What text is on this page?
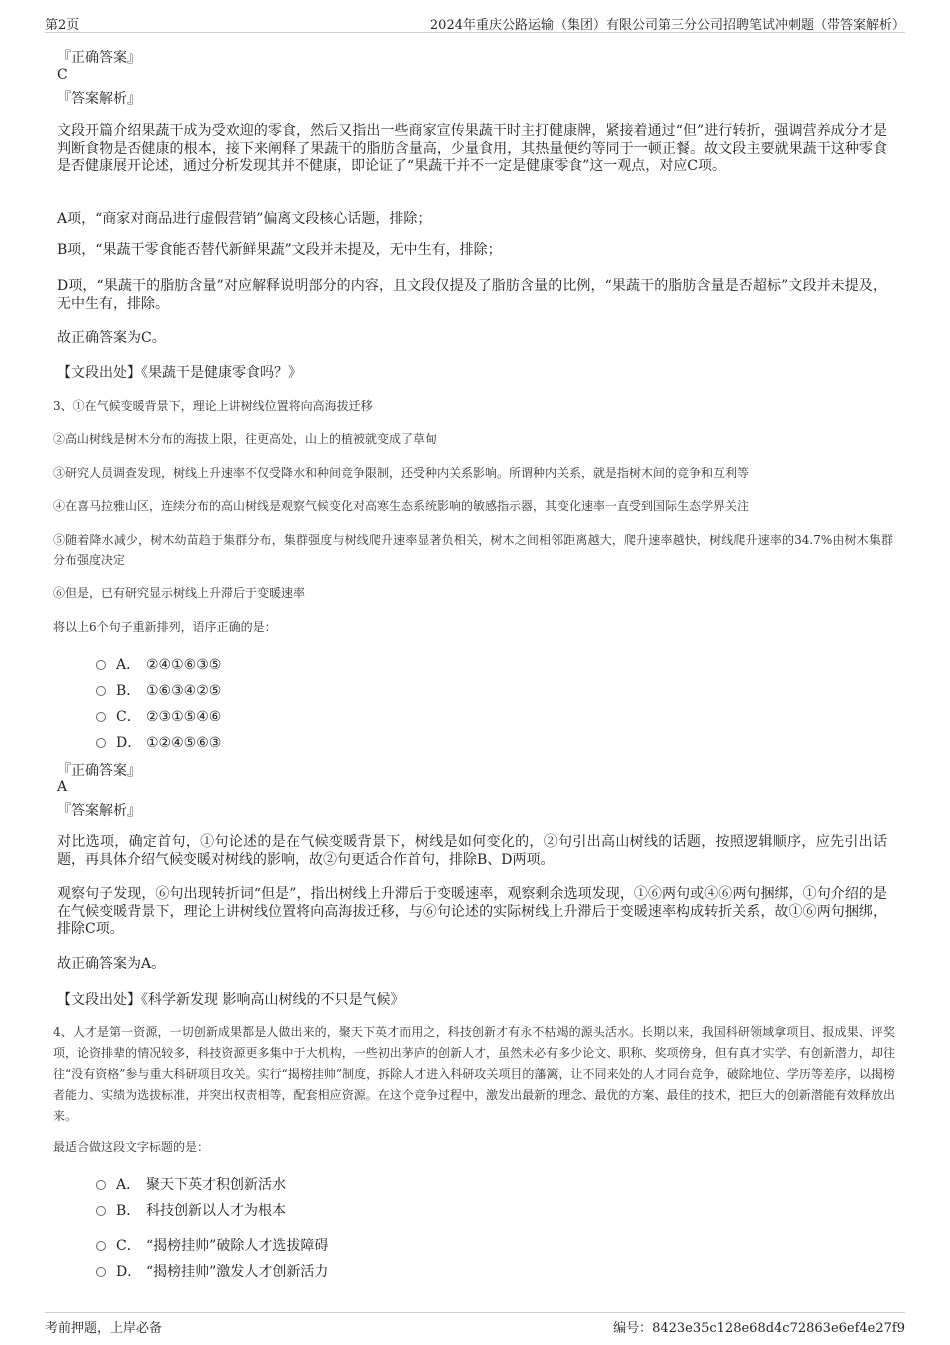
第2页	2024年重庆公路运输（集团）有限公司第三分公司招聘笔试冲刺题（带答案解析）
『正确答案』
C
『答案解析』
文段开篇介绍果蔬干成为受欢迎的零食，然后又指出一些商家宣传果蔬干时主打健康牌，紧接着通过“但”进行转折，强调营养成分才是判断食物是否健康的根本，接下来阐释了果蔬干的脂肪含量高，少量食用，其热量便约等同于一顿正餐。故文段主要就果蔬干这种零食是否健康展开论述，通过分析发现其并不健康，即论证了“果蔬干并不一定是健康零食”这一观点，对应C项。
A项，“商家对商品进行虚假营销”偏离文段核心话题，排除；
B项，“果蔬干零食能否替代新鲜果蔬”文段并未提及，无中生有，排除；
D项，“果蔬干的脂肪含量”对应解释说明部分的内容，且文段仅提及了脂肪含量的比例，“果蔬干的脂肪含量是否超标”文段并未提及，无中生有，排除。
故正确答案为C。
【文段出处】《果蔬干是健康零食吗？》
3、①在气候变暖背景下，理论上讲树线位置将向高海拔迁移
②高山树线是树木分布的海拔上限，往更高处，山上的植被就变成了草甸
③研究人员调查发现，树线上升速率不仅受降水和种间竞争限制，还受种内关系影响。所谓种内关系，就是指树木间的竞争和互利等
④在喜马拉雅山区，连续分布的高山树线是观察气候变化对高寒生态系统影响的敏感指示器，其变化速率一直受到国际生态学界关注
⑤随着降水减少，树木幼苗趋于集群分布，集群强度与树线爬升速率显著负相关，树木之间相邻距离越大，爬升速率越快，树线爬升速率的34.7%由树木集群分布强度决定
⑥但是，已有研究显示树线上升滞后于变暖速率
将以上6个句子重新排列，语序正确的是：
A． ②④①⑥③⑤
B． ①⑥③④②⑤
C． ②③①⑤④⑥
D． ①②④⑤⑥③
『正确答案』
A
『答案解析』
对比选项，确定首句，①句论述的是在气候变暖背景下，树线是如何变化的，②句引出高山树线的话题，按照逻辑顺序，应先引出话题，再具体介绍气候变暖对树线的影响，故②句更适合作首句，排除B、D两项。
观察句子发现，⑥句出现转折词“但是”，指出树线上升滞后于变暖速率，观察剩余选项发现，①⑥两句或④⑥两句捆绑，①句介绍的是在气候变暖背景下，理论上讲树线位置将向高海拔迁移，与⑥句论述的实际树线上升滞后于变暖速率构成转折关系，故①⑥两句捆绑，排除C项。
故正确答案为A。
【文段出处】《科学新发现 影响高山树线的不只是气候》
4、人才是第一资源，一切创新成果都是人做出来的，聚天下英才而用之，科技创新才有永不枯竭的源头活水。长期以来，我国科研领域拿项目、报成果、评奖项，论资排辈的情况较多，科技资源更多集中于大机构，一些初出茅庐的创新人才，虽然未必有多少论文、职称、奖项傍身，但有真才实学、有创新潜力，却往往“没有资格”参与重大科研项目攻关。实行“揭榜挂帅”制度，拆除人才进入科研攻关项目的藩篱，让不同来处的人才同台竞争，破除地位、学历等差序，以揭榜者能力、实绩为选拔标准，并突出权责相等，配套相应资源。在这个竞争过程中，激发出最新的理念、最优的方案、最佳的技术，把巨大的创新潜能有效释放出来。
最适合做这段文字标题的是：
A． 聚天下英才积创新活水
B． 科技创新以人才为根本
C． “揭榜挂帅”破除人才选拔障碍
D． “揭榜挂帅”激发人才创新活力
考前押题，上岸必备	编号：8423e35c128e68d4c72863e6ef4e27f9
